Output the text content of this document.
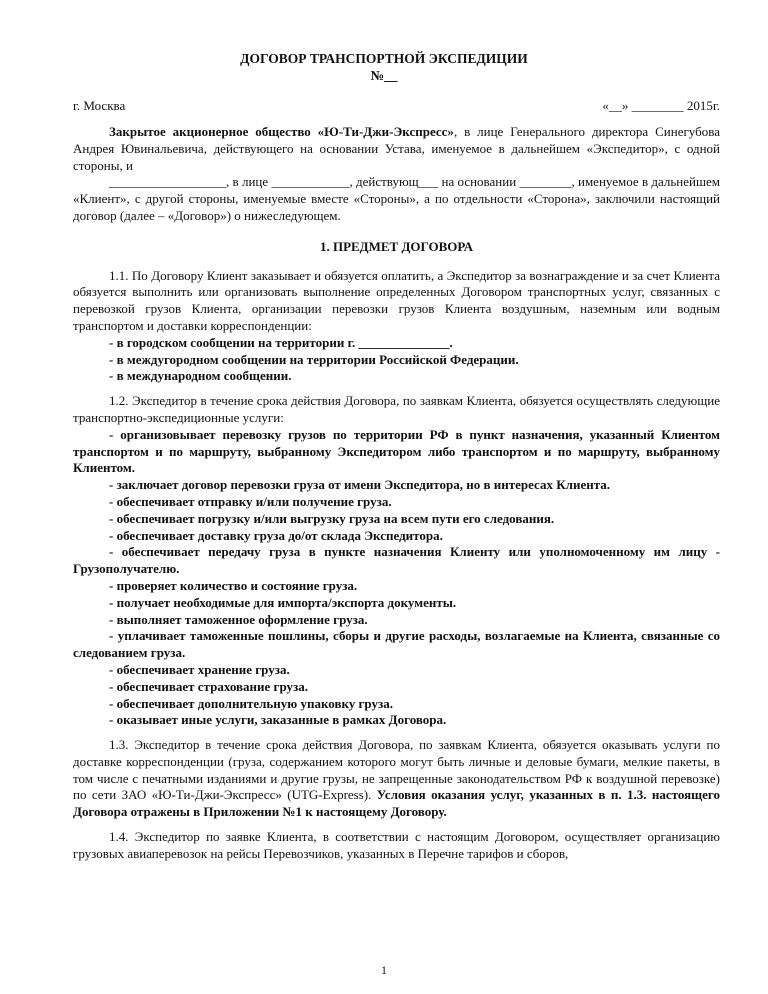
ДОГОВОР ТРАНСПОРТНОЙ ЭКСПЕДИЦИИ
№__
г. Москва	«__» ________ 2015г.

Закрытое акционерное общество «Ю-Ти-Джи-Экспресс», в лице Генерального директора Синегубова Андрея Ювинальевича, действующего на основании Устава, именуемое в дальнейшем «Экспедитор», с одной стороны, и

__________________, в лице ____________, действующ___ на основании ________, именуемое в дальнейшем «Клиент», с другой стороны, именуемые вместе «Стороны», а по отдельности «Сторона», заключили настоящий договор (далее – «Договор») о нижеследующем.

1. ПРЕДМЕТ ДОГОВОРА

1.1. По Договору Клиент заказывает и обязуется оплатить, а Экспедитор за вознаграждение и за счет Клиента обязуется выполнить или организовать выполнение определенных Договором транспортных услуг, связанных с перевозкой грузов Клиента, организации перевозки грузов Клиента воздушным, наземным или водным транспортом и доставки корреспонденции:

- в городском сообщении на территории г. ______________.
- в междугородном сообщении на территории Российской Федерации.
- в международном сообщении.

1.2. Экспедитор в течение срока действия Договора, по заявкам Клиента, обязуется осуществлять следующие транспортно-экспедиционные услуги:

- организовывает перевозку грузов по территории РФ в пункт назначения, указанный Клиентом транспортом и по маршруту, выбранному Экспедитором либо транспортом и по маршруту, выбранному Клиентом.
- заключает договор перевозки груза от имени Экспедитора, но в интересах Клиента.
- обеспечивает отправку и/или получение груза.
- обеспечивает погрузку и/или выгрузку груза на всем пути его следования.
- обеспечивает доставку груза до/от склада Экспедитора.
- обеспечивает передачу груза в пункте назначения Клиенту или уполномоченному им лицу - Грузополучателю.
- проверяет количество и состояние груза.
- получает необходимые для импорта/экспорта документы.
- выполняет таможенное оформление груза.
- уплачивает таможенные пошлины, сборы и другие расходы, возлагаемые на Клиента, связанные со следованием груза.
- обеспечивает хранение груза.
- обеспечивает страхование груза.
- обеспечивает дополнительную упаковку груза.
- оказывает иные услуги, заказанные в рамках Договора.

1.3. Экспедитор в течение срока действия Договора, по заявкам Клиента, обязуется оказывать услуги по доставке корреспонденции (груза, содержанием которого могут быть личные и деловые бумаги, мелкие пакеты, в том числе с печатными изданиями и другие грузы, не запрещенные законодательством РФ к воздушной перевозке) по сети ЗАО «Ю-Ти-Джи-Экспресс» (UTG-Express). Условия оказания услуг, указанных в п. 1.3. настоящего Договора отражены в Приложении №1 к настоящему Договору.

1.4. Экспедитор по заявке Клиента, в соответствии с настоящим Договором, осуществляет организацию грузовых авиаперевозок на рейсы Перевозчиков, указанных в Перечне тарифов и сборов,

1
